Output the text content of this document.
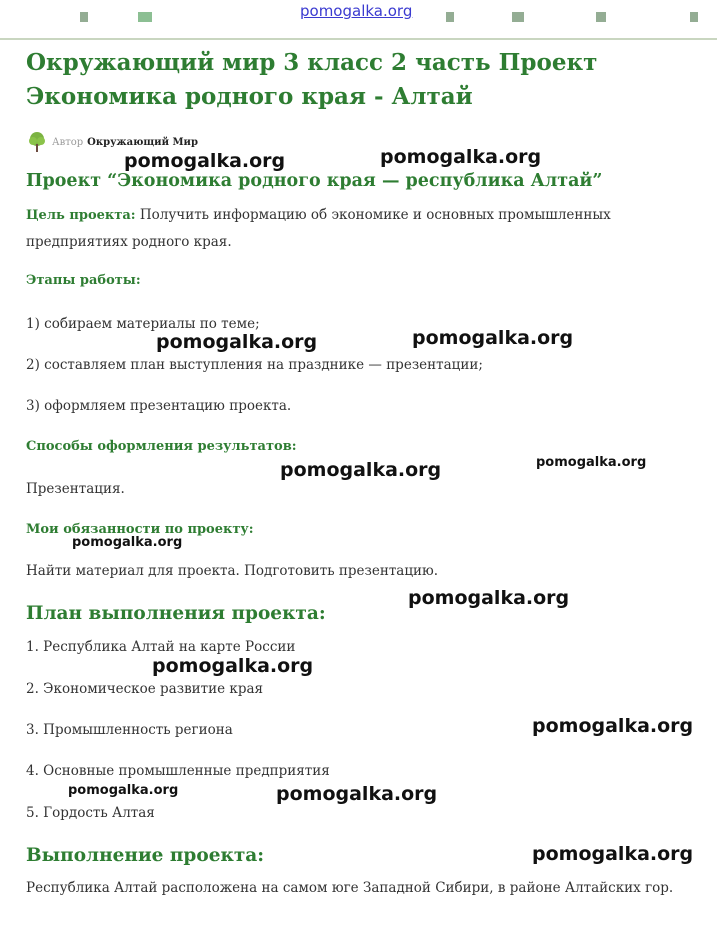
pomogalka.org
Окружающий мир 3 класс 2 часть Проект Экономика родного края - Алтай
Автор Окружающий Мир
Проект “Экономика родного края — республика Алтай”
Цель проекта: Получить информацию об экономике и основных промышленных предприятиях родного края.
Этапы работы:
1) собираем материалы по теме;
2) составляем план выступления на празднике — презентации;
3) оформляем презентацию проекта.
Способы оформления результатов:
Презентация.
Мои обязанности по проекту:
Найти материал для проекта. Подготовить презентацию.
План выполнения проекта:
1. Республика Алтай на карте России
2. Экономическое развитие края
3. Промышленность региона
4. Основные промышленные предприятия
5. Гордость Алтая
Выполнение проекта:
Республика Алтай расположена на самом юге Западной Сибири, в районе Алтайских гор.

pomogalka.org	pomogalka.org
pomogalka.org	pomogalka.org
pomogalka.org	pomogalka.org
pomogalka.org
pomogalka.org
pomogalka.org
pomogalka.org
pomogalka.org	pomogalka.org
pomogalka.org
